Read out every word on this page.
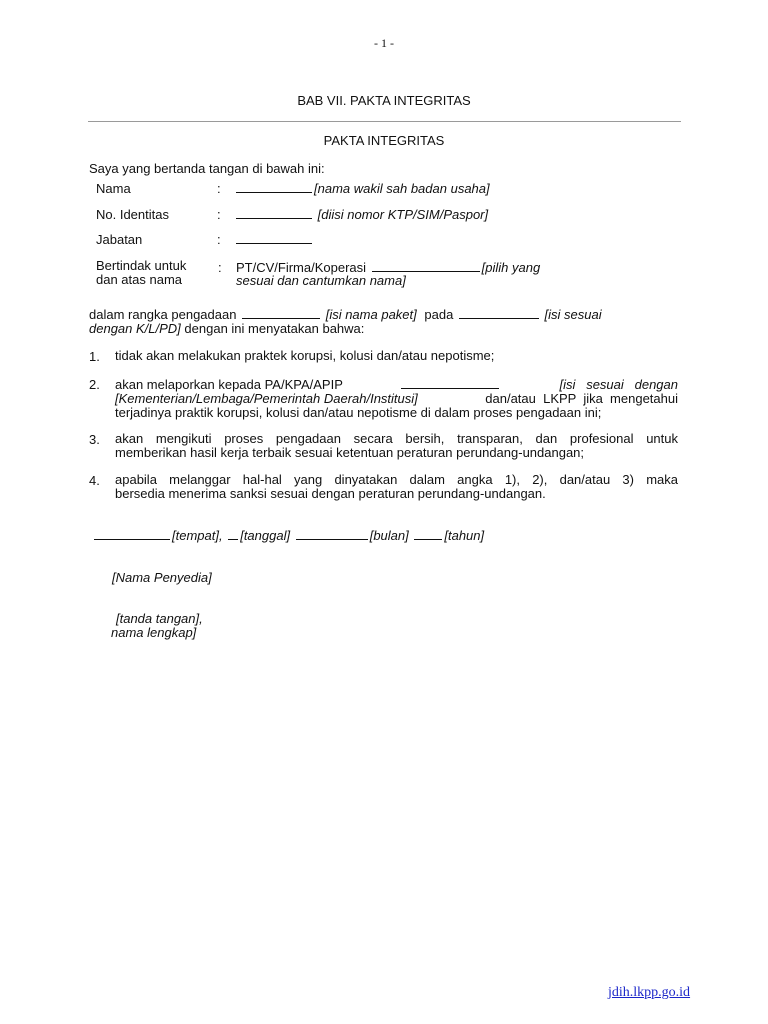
- 1 -
BAB VII. PAKTA INTEGRITAS
PAKTA INTEGRITAS
Saya yang bertanda tangan di bawah ini:
Nama	:	[nama wakil sah badan usaha]
No. Identitas	:	[diisi nomor KTP/SIM/Paspor]
Jabatan	:
Bertindak untuk
dan atas nama
: PT/CV/Firma/Koperasi	[pilih yang
sesuai dan cantumkan nama]
dalam rangka pengadaan	[isi nama paket] pada	[isi sesuai
dengan K/L/PD] dengan ini menyatakan bahwa:
1. tidak akan melakukan praktek korupsi, kolusi dan/atau nepotisme;
2. akan melaporkan kepada PA/KPA/APIP	[isi   sesuai   dengan
[Kementerian/Lembaga/Pemerintah Daerah/Institusi]	dan/atau  LKPP  jika  mengetahui
terjadinya praktik korupsi, kolusi dan/atau nepotisme di dalam proses pengadaan ini;
3. akan mengikuti proses pengadaan secara bersih, transparan, dan profesional untuk
memberikan hasil kerja terbaik sesuai ketentuan peraturan perundang-undangan;
4. apabila melanggar hal-hal yang dinyatakan dalam angka 1), 2), dan/atau 3) maka
bersedia menerima sanksi sesuai dengan peraturan perundang-undangan.
[tempat], [tanggal]	[bulan]	[tahun]
[Nama Penyedia]
[tanda tangan],
nama lengkap]
jdih.lkpp.go.id
